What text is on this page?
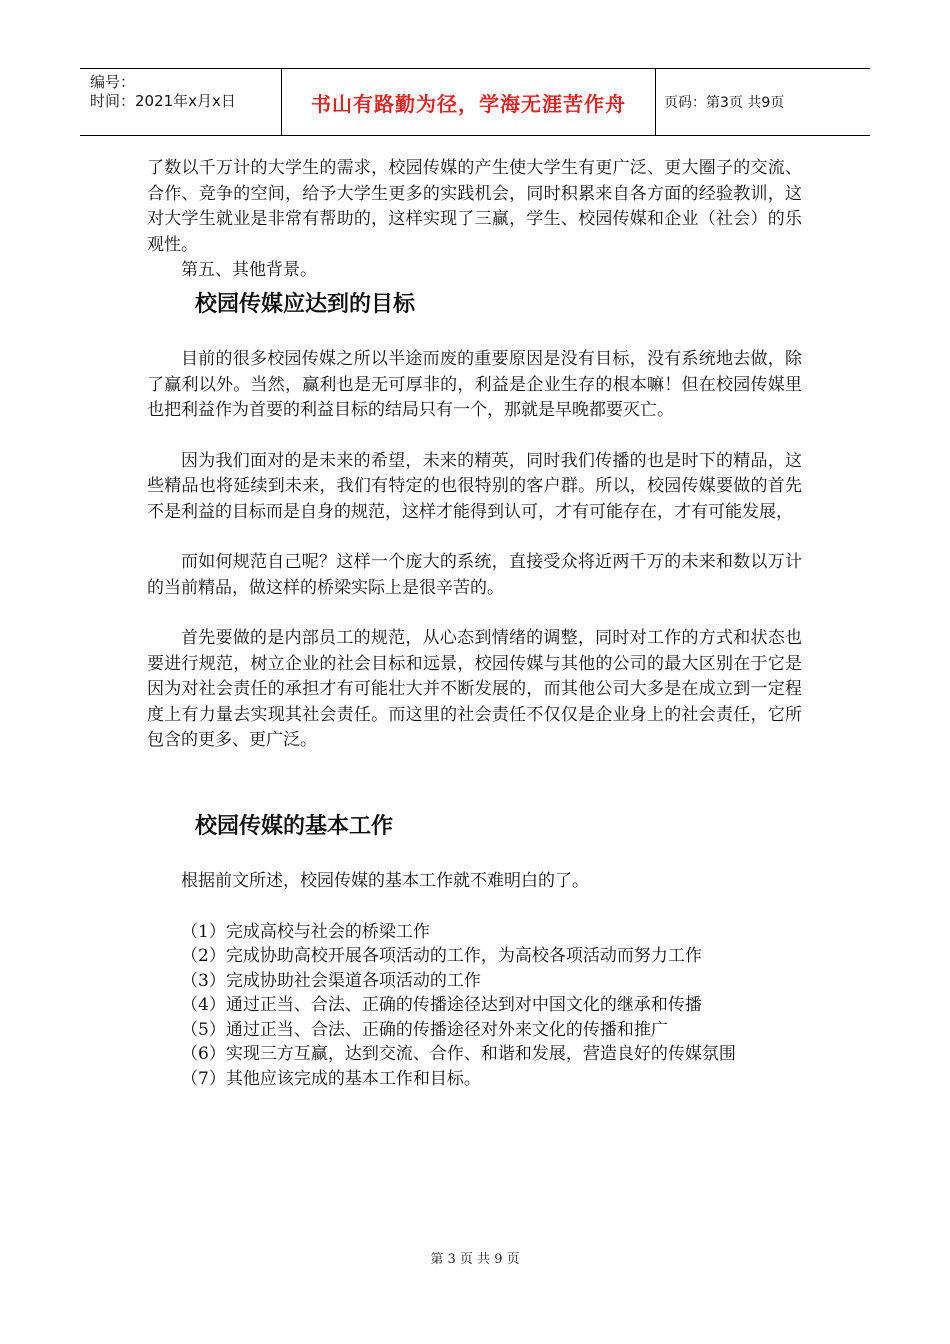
编号：
时间：2021年x月x日	书山有路勤为径，学海无涯苦作舟	页码：第3页 共9页

了数以千万计的大学生的需求，校园传媒的产生使大学生有更广泛、更大圈子的交流、合作、竞争的空间，给予大学生更多的实践机会，同时积累来自各方面的经验教训，这对大学生就业是非常有帮助的，这样实现了三赢，学生、校园传媒和企业（社会）的乐观性。

第五、其他背景。

校园传媒应达到的目标

目前的很多校园传媒之所以半途而废的重要原因是没有目标，没有系统地去做，除了赢利以外。当然，赢利也是无可厚非的，利益是企业生存的根本嘛！但在校园传媒里也把利益作为首要的利益目标的结局只有一个，那就是早晚都要灭亡。

因为我们面对的是未来的希望，未来的精英，同时我们传播的也是时下的精品，这些精品也将延续到未来，我们有特定的也很特别的客户群。所以，校园传媒要做的首先不是利益的目标而是自身的规范，这样才能得到认可，才有可能存在，才有可能发展，

而如何规范自己呢？这样一个庞大的系统，直接受众将近两千万的未来和数以万计的当前精品，做这样的桥梁实际上是很辛苦的。

首先要做的是内部员工的规范，从心态到情绪的调整，同时对工作的方式和状态也要进行规范，树立企业的社会目标和远景，校园传媒与其他的公司的最大区别在于它是因为对社会责任的承担才有可能壮大并不断发展的，而其他公司大多是在成立到一定程度上有力量去实现其社会责任。而这里的社会责任不仅仅是企业身上的社会责任，它所包含的更多、更广泛。

校园传媒的基本工作

根据前文所述，校园传媒的基本工作就不难明白的了。

（1）完成高校与社会的桥梁工作

（2）完成协助高校开展各项活动的工作，为高校各项活动而努力工作

（3）完成协助社会渠道各项活动的工作

（4）通过正当、合法、正确的传播途径达到对中国文化的继承和传播

（5）通过正当、合法、正确的传播途径对外来文化的传播和推广

（6）实现三方互赢，达到交流、合作、和谐和发展，营造良好的传媒氛围

（7）其他应该完成的基本工作和目标。

第 3 页 共 9 页
